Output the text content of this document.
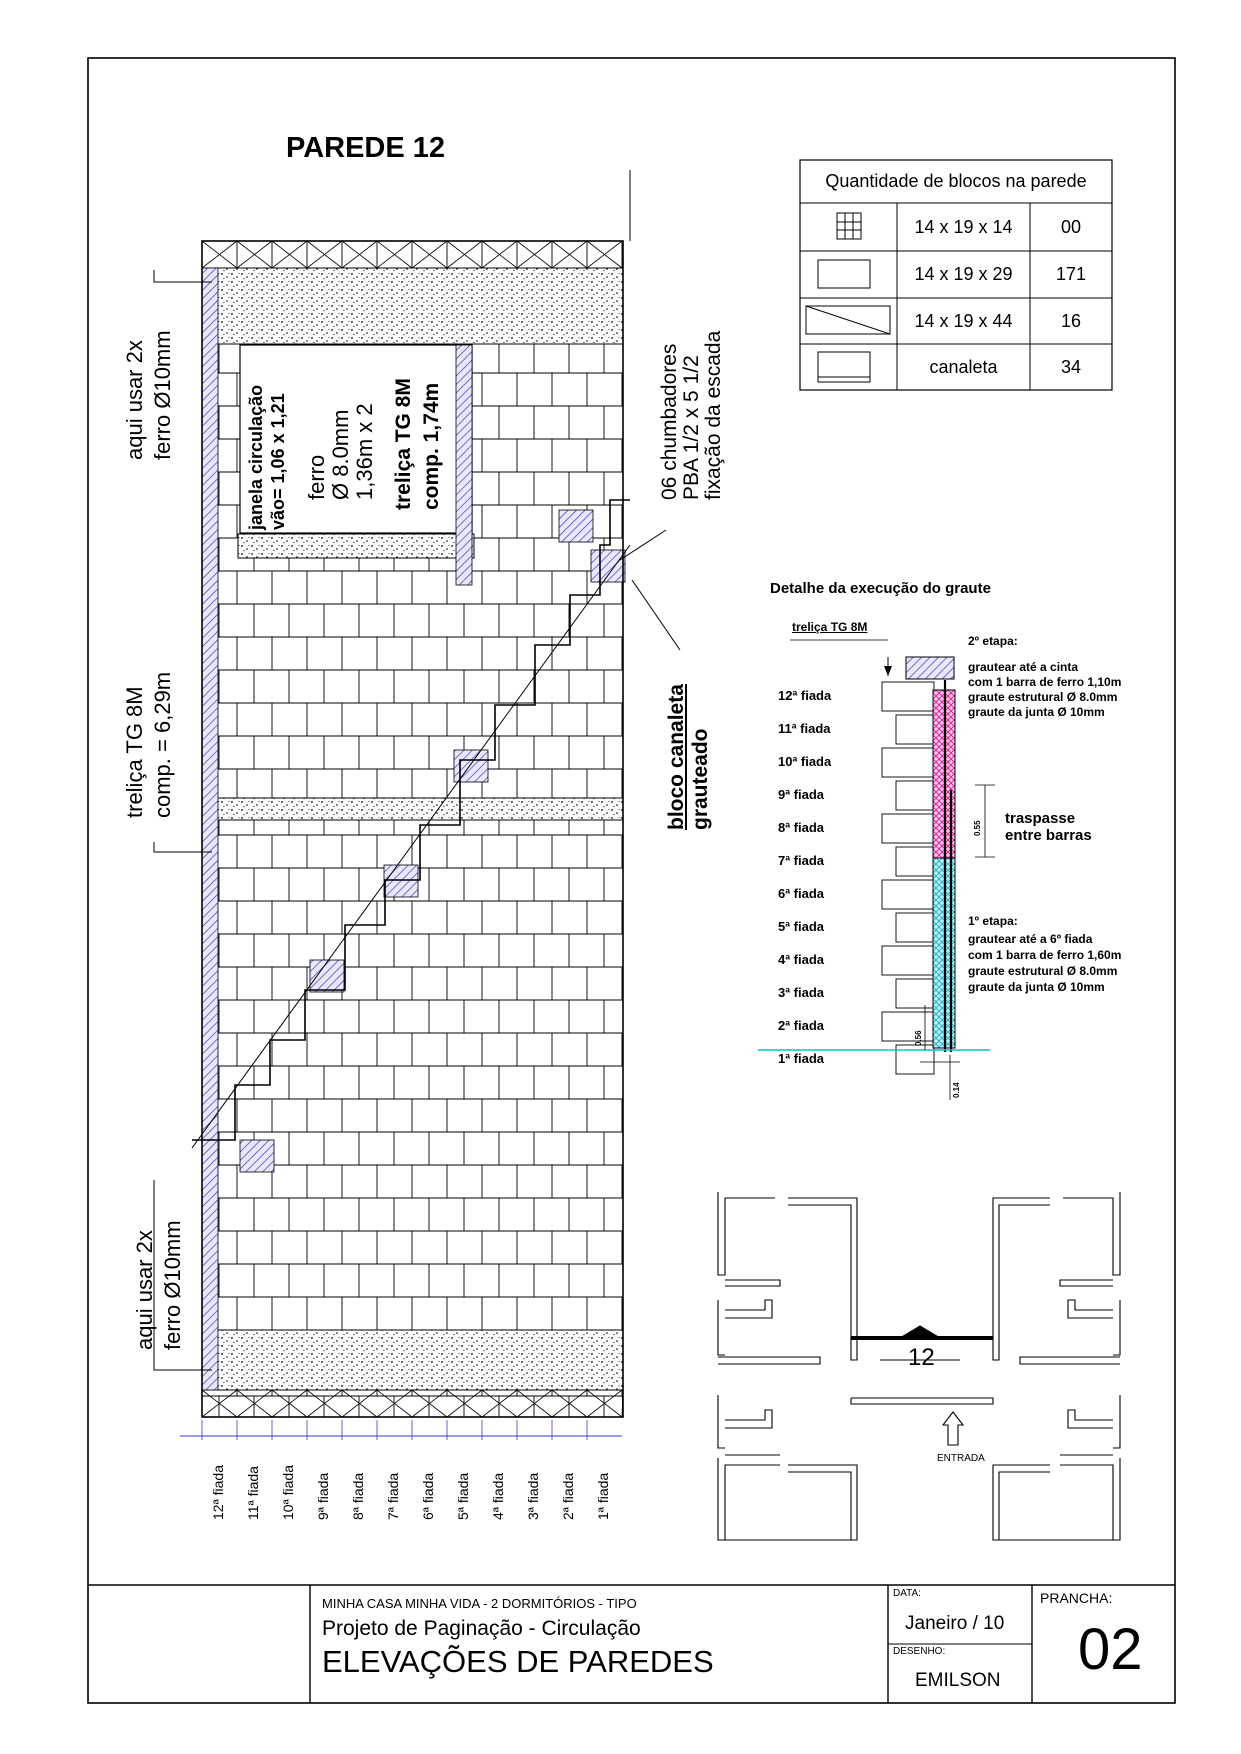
PAREDE 12
Quantidade de blocos na parede
14 x 19 x 14	00
14 x 19 x 29	171
14 x 19 x 44	16
canaleta	34
aqui usar 2x ferro Ø10mm
treliça TG 8M comp. = 6,29m
aqui usar 2x ferro Ø10mm
janela circulação vão= 1,06 x 1,21 ferro Ø 8.0mm 1,36m x 2 treliça TG 8M comp. 1,74m	06 chumbadores PBA 1/2 x 5 1/2 fixação da escada
bloco canaleta grauteado
12ª fiada 11ª fiada 10ª fiada 9ª fiada 8ª fiada 7ª fiada 6ª fiada 5ª fiada 4ª fiada 3ª fiada 2ª fiada 1ª fiada
Detalhe da execução do graute
treliça TG 8M
12ª fiada
11ª fiada
10ª fiada
9ª fiada
8ª fiada
7ª fiada
6ª fiada
5ª fiada
4ª fiada
3ª fiada
2ª fiada
1ª fiada
2º etapa:
grautear até a cinta
com 1 barra de ferro 1,10m
graute estrutural Ø 8.0mm
graute da junta Ø 10mm
traspasse
entre barras
0.55
0.56
0.14
1º etapa:
grautear até a 6º fiada
com 1 barra de ferro 1,60m
graute estrutural Ø 8.0mm
graute da junta Ø 10mm
12
ENTRADA
MINHA CASA MINHA VIDA - 2 DORMITÓRIOS - TIPO
Projeto de Paginação - Circulação
ELEVAÇÕES DE PAREDES
DATA:
Janeiro / 10
DESENHO:
EMILSON
PRANCHA:
02
